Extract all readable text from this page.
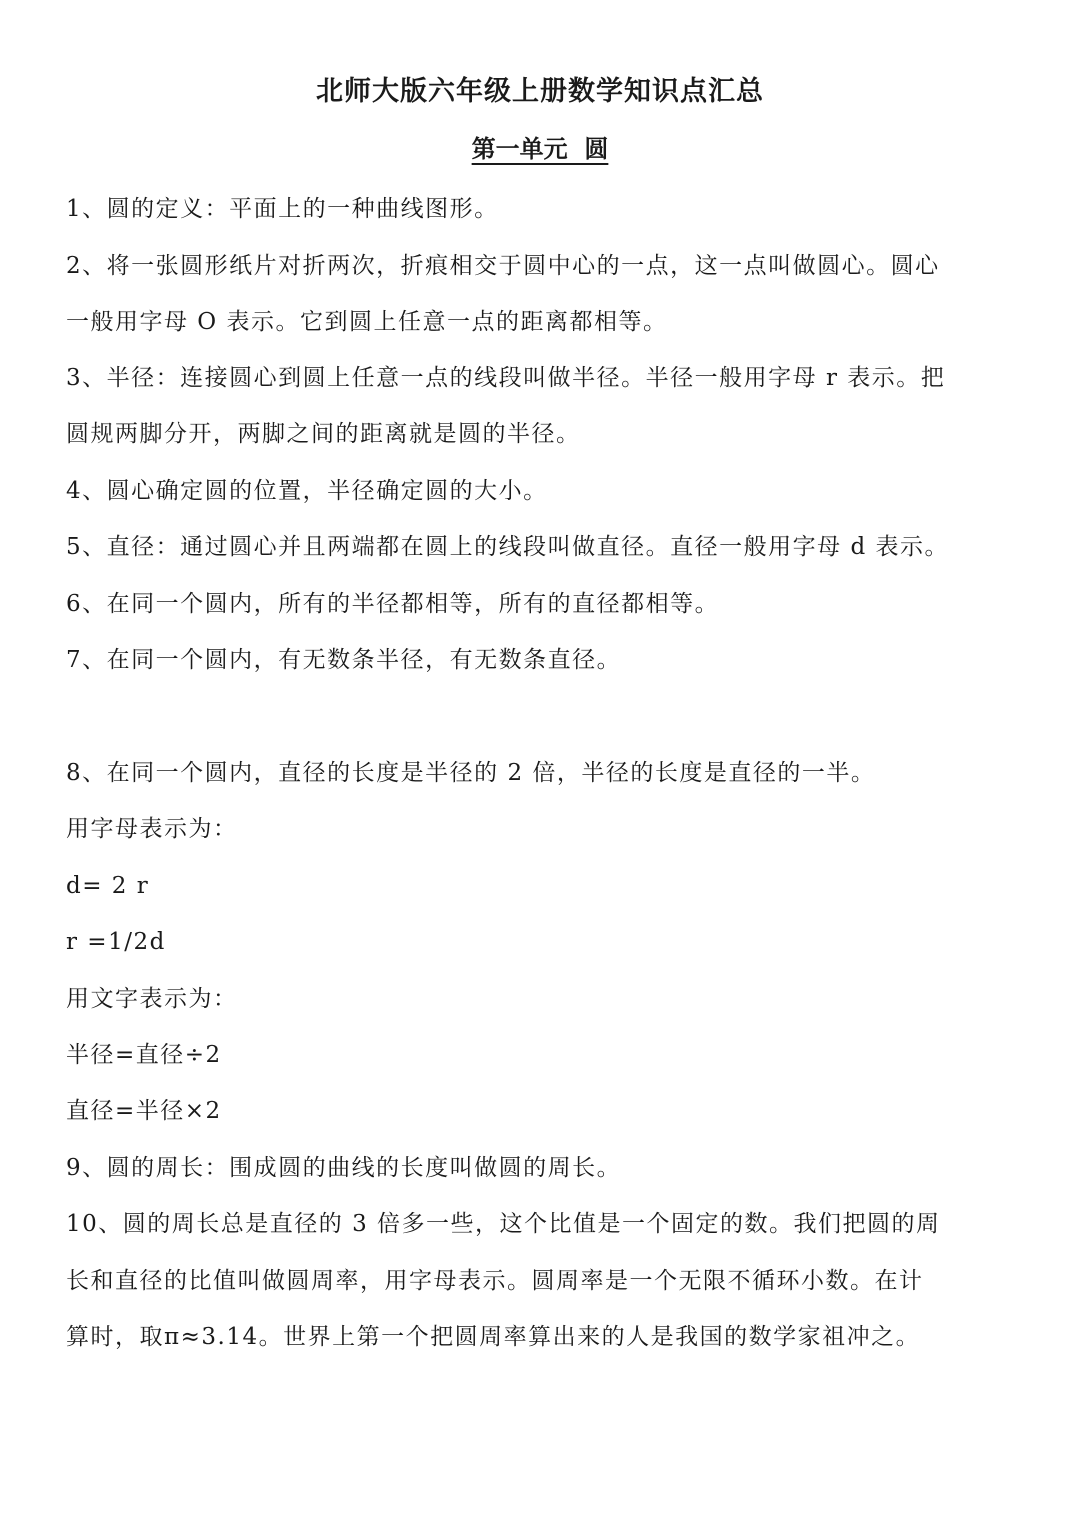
北师大版六年级上册数学知识点汇总
第一单元  圆

1、圆的定义：平面上的一种曲线图形。

2、将一张圆形纸片对折两次，折痕相交于圆中心的一点，这一点叫做圆心。圆心

一般用字母 O 表示。它到圆上任意一点的距离都相等。

3、半径：连接圆心到圆上任意一点的线段叫做半径。半径一般用字母 r 表示。把

圆规两脚分开，两脚之间的距离就是圆的半径。

4、圆心确定圆的位置，半径确定圆的大小。

5、直径：通过圆心并且两端都在圆上的线段叫做直径。直径一般用字母 d 表示。

6、在同一个圆内，所有的半径都相等，所有的直径都相等。

7、在同一个圆内，有无数条半径，有无数条直径。

8、在同一个圆内，直径的长度是半径的 2 倍，半径的长度是直径的一半。

用字母表示为：

d= 2 r

r =1/2d

用文字表示为：

半径=直径÷2

直径=半径×2

9、圆的周长：围成圆的曲线的长度叫做圆的周长。

10、圆的周长总是直径的 3 倍多一些，这个比值是一个固定的数。我们把圆的周

长和直径的比值叫做圆周率，用字母表示。圆周率是一个无限不循环小数。在计

算时，取π≈3.14。世界上第一个把圆周率算出来的人是我国的数学家祖冲之。
